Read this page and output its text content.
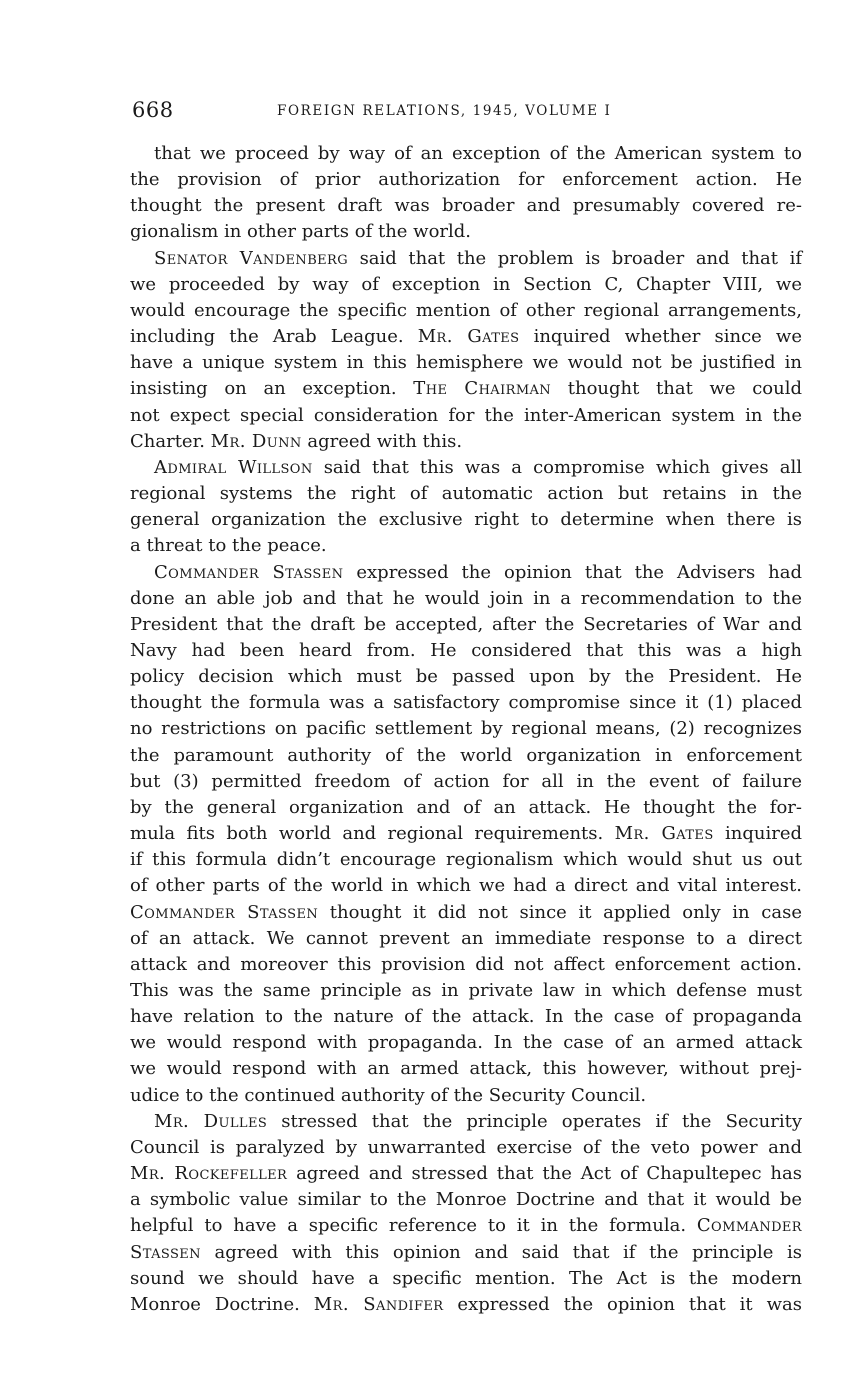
668	FOREIGN RELATIONS, 1945, VOLUME I

that we proceed by way of an exception of the American system to
the provision of prior authorization for enforcement action. He
thought the present draft was broader and presumably covered re-
gionalism in other parts of the world.

Senator Vandenberg said that the problem is broader and that if
we proceeded by way of exception in Section C, Chapter VIII, we
would encourage the specific mention of other regional arrangements,
including the Arab League. Mr. Gates inquired whether since we
have a unique system in this hemisphere we would not be justified in
insisting on an exception. The Chairman thought that we could
not expect special consideration for the inter-American system in the
Charter. Mr. Dunn agreed with this.

Admiral Willson said that this was a compromise which gives all
regional systems the right of automatic action but retains in the
general organization the exclusive right to determine when there is
a threat to the peace.

Commander Stassen expressed the opinion that the Advisers had
done an able job and that he would join in a recommendation to the
President that the draft be accepted, after the Secretaries of War and
Navy had been heard from. He considered that this was a high
policy decision which must be passed upon by the President. He
thought the formula was a satisfactory compromise since it (1) placed
no restrictions on pacific settlement by regional means, (2) recognizes
the paramount authority of the world organization in enforcement
but (3) permitted freedom of action for all in the event of failure
by the general organization and of an attack. He thought the for-
mula fits both world and regional requirements. Mr. Gates inquired
if this formula didn’t encourage regionalism which would shut us out
of other parts of the world in which we had a direct and vital interest.
Commander Stassen thought it did not since it applied only in case
of an attack. We cannot prevent an immediate response to a direct
attack and moreover this provision did not affect enforcement action.
This was the same principle as in private law in which defense must
have relation to the nature of the attack. In the case of propaganda
we would respond with propaganda. In the case of an armed attack
we would respond with an armed attack, this however, without prej-
udice to the continued authority of the Security Council.

Mr. Dulles stressed that the principle operates if the Security
Council is paralyzed by unwarranted exercise of the veto power and
Mr. Rockefeller agreed and stressed that the Act of Chapultepec has
a symbolic value similar to the Monroe Doctrine and that it would be
helpful to have a specific reference to it in the formula. Commander
Stassen agreed with this opinion and said that if the principle is
sound we should have a specific mention. The Act is the modern
Monroe Doctrine. Mr. Sandifer expressed the opinion that it was
